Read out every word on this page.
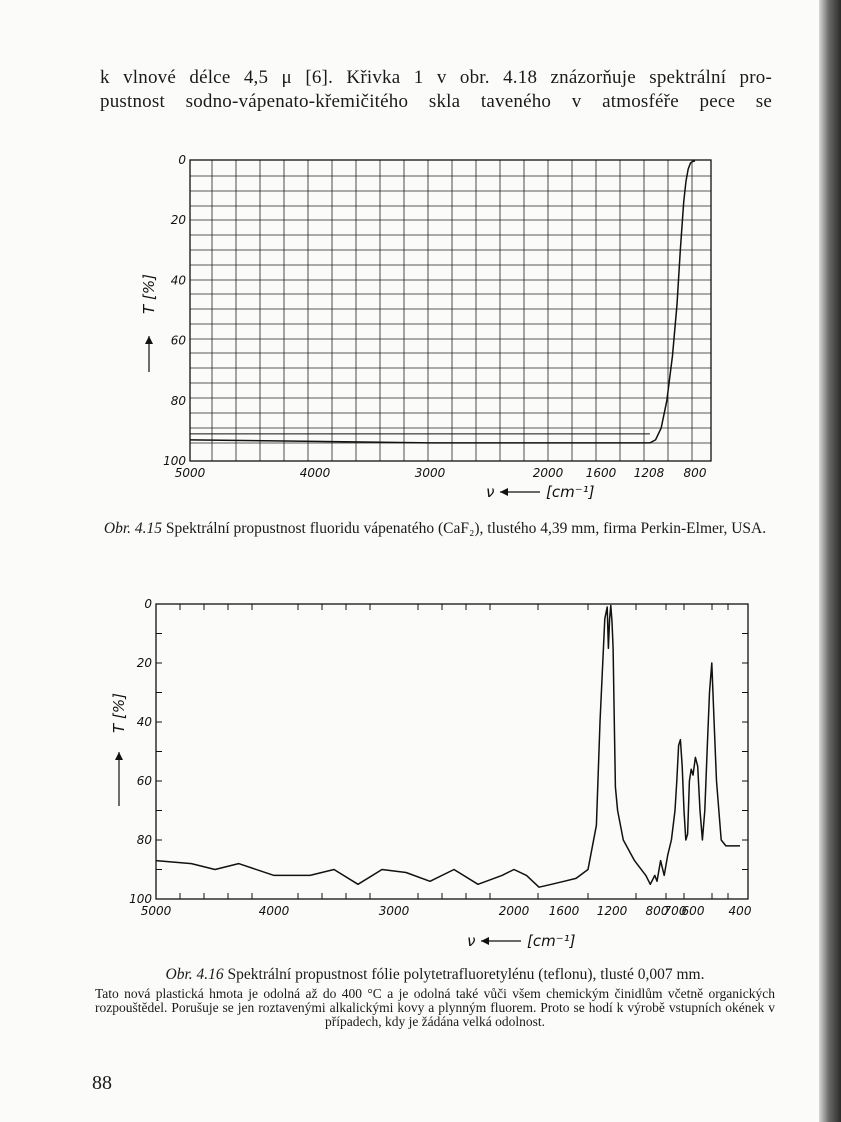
k vlnové délce 4,5 μ [6]. Křivka 1 v obr. 4.18 znázorňuje spektrální pro-

pustnost sodno-vápenato-křemičitého skla taveného v atmosféře pece se

0
20
40
60
80
100
5000	4000	3000	2000 1600 1208 800
T [%]
ν	[cm⁻¹]
0
20
40
60
80
100
5000	4000	3000	2000 1600 1200 800
700
600 400
T [%]
ν	[cm⁻¹]
Obr. 4.15 Spektrální propustnost fluoridu vápenatého (CaF₂), tlustého 4,39 mm, firma Perkin-Elmer, USA.
Obr. 4.16 Spektrální propustnost fólie polytetrafluoretylénu (teflonu), tlusté 0,007 mm.
Tato nová plastická hmota je odolná až do 400 °C a je odolná také vůči všem chemickým činidlům včetně organických rozpouštědel. Porušuje se jen roztavenými alkalickými kovy a plynným fluorem. Proto se hodí k výrobě vstupních okének v případech, kdy je žádána velká odolnost.
88
